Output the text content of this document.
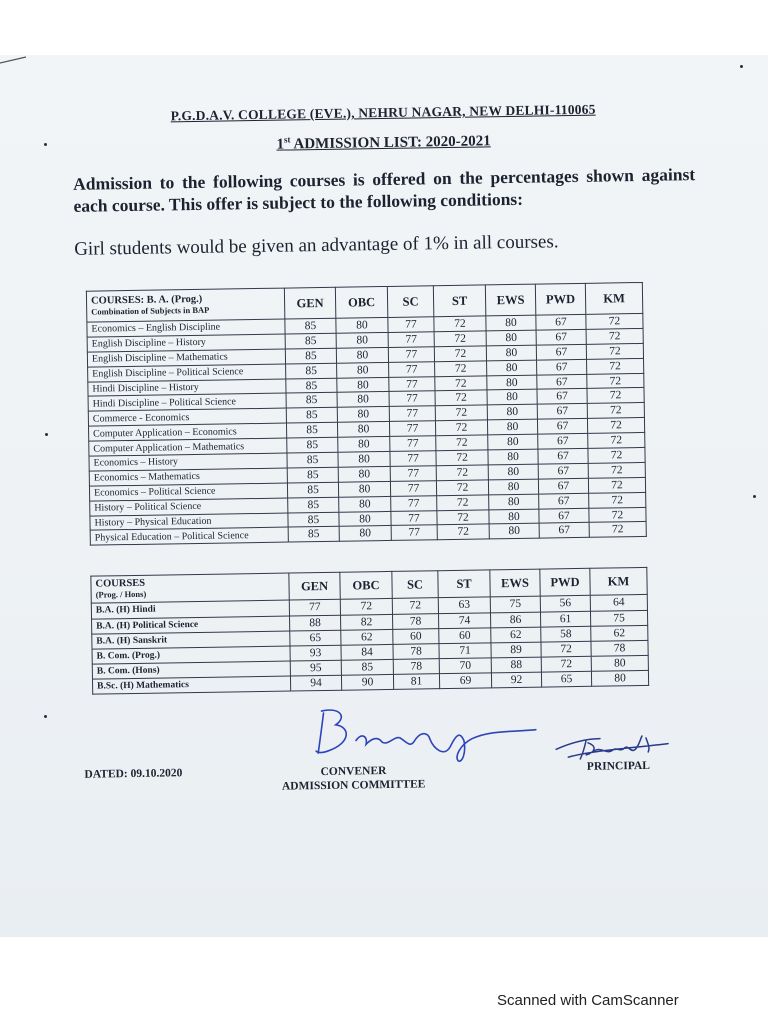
P.G.D.A.V. COLLEGE (EVE.), NEHRU NAGAR, NEW DELHI-110065

1st ADMISSION LIST: 2020-2021

Admission to the following courses is offered on the percentages shown against each course. This offer is subject to the following conditions:

Girl students would be given an advantage of 1% in all courses.

COURSES: B. A. (Prog.)
Combination of Subjects in BAP	GEN	OBC	SC	ST	EWS	PWD	KM
Economics – English Discipline	85	80	77	72	80	67	72
English Discipline – History	85	80	77	72	80	67	72
English Discipline – Mathematics	85	80	77	72	80	67	72
English Discipline – Political Science	85	80	77	72	80	67	72
Hindi Discipline – History	85	80	77	72	80	67	72
Hindi Discipline – Political Science	85	80	77	72	80	67	72
Commerce - Economics	85	80	77	72	80	67	72
Computer Application – Economics	85	80	77	72	80	67	72
Computer Application – Mathematics	85	80	77	72	80	67	72
Economics – History	85	80	77	72	80	67	72
Economics – Mathematics	85	80	77	72	80	67	72
Economics – Political Science	85	80	77	72	80	67	72
History – Political Science	85	80	77	72	80	67	72
History – Physical Education	85	80	77	72	80	67	72
Physical Education – Political Science	85	80	77	72	80	67	72
COURSES
(Prog. / Hons)	GEN	OBC	SC	ST	EWS	PWD	KM
B.A. (H) Hindi	77	72	72	63	75	56	64
B.A. (H) Political Science	88	82	78	74	86	61	75
B.A. (H) Sanskrit	65	62	60	60	62	58	62
B. Com. (Prog.)	93	84	78	71	89	72	78
B. Com. (Hons)	95	85	78	70	88	72	80
B.Sc. (H) Mathematics	94	90	81	69	92	65	80
DATED: 09.10.2020	CONVENER
ADMISSION COMMITTEE
PRINCIPAL
Scanned with CamScanner
